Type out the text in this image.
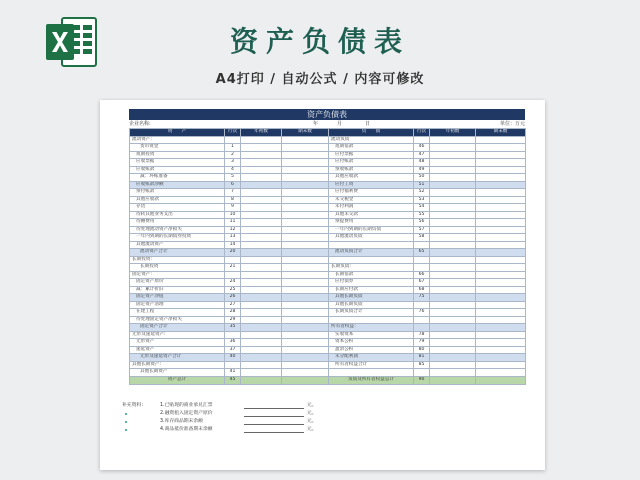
资产负债表
A4打印 / 自动公式 / 内容可修改
资产负债表
企业名称:	年	月	日	单位：万元
资　　产	行次	年初数	期末数	负　　债	行次	年初数	期末数
流动资产:				流动负债			
货币资金	1			短期借款	46		
短期投资	2			应付票据	47		
应收票据	3			应付账款	48		
应收账款	4			预收账款	49		
减：坏账准备	5			其他应收款	50		
应收账款净额	6			应付工资	51		
预付账款	7			应付福利费	52		
其他应收款	8			未交税金	53		
存货	9			未付利润	54		
待转其他业务支出	10			其他未交款	55		
待摊费用	11			预提费用	56		
待处理流动资产净损失	12			一年内到期的长期负债	57		
一年内到期的长期债券投资	13			其他流动负债	58		
其他流动资产	14						
流动资产合计	20			流动负债合计	65		
长期投资:							
长期投资	21			长期负债:			
固定资产:				长期借款	66		
固定资产原价	24			应付债券	67		
减：累计折旧	25			长期应付款	68		
固定资产净值	26			其他长期负债	75		
固定资产清理	27			其他长期负债			
在建工程	28			长期负债合计	76		
待处理固定资产净损失	29						
固定资产合计	35			所有者权益：			
无形及递延资产:				实收资本	78		
无形资产	36			资本公积	79		
递延资产	37			盈余公积	80		
无形及递延资产合计	40			未分配利润	81		
其他长期资产:				所有者权益合计	85		
其他长期资产	41						
资产总计	45			负债及所有者权益总计	90		
补充资料：	1.已贴现的商业承兑汇票	元。
2.融资租入固定资产原价	元。
3.库存商品期末余额	元。
4.商品抵价准备期末余额	元。
